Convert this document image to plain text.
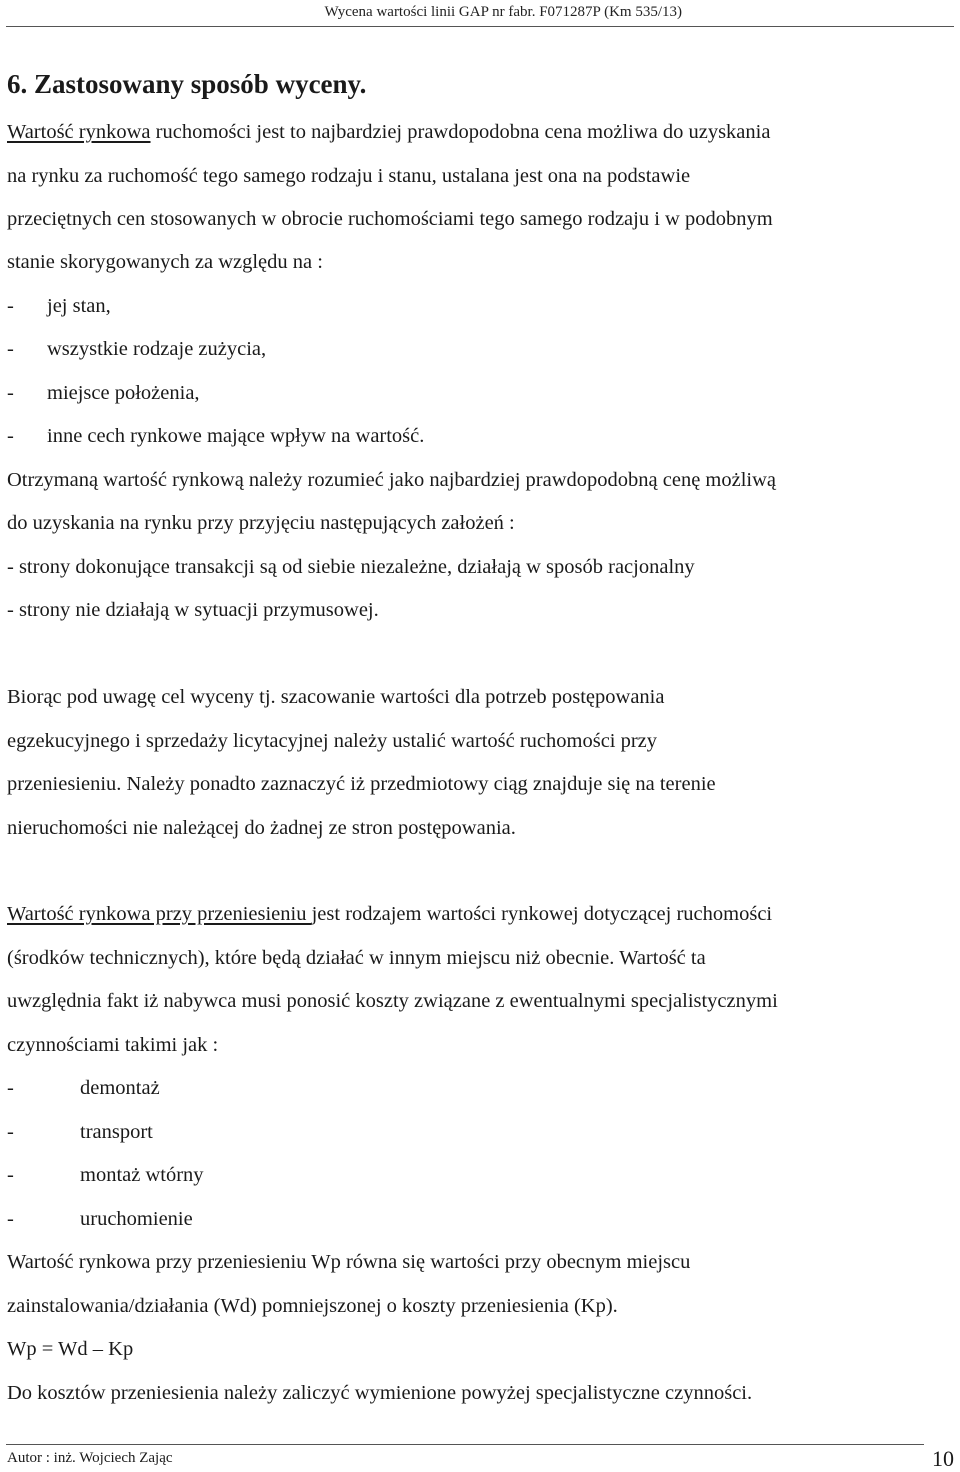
Wycena wartości linii GAP nr fabr. F071287P (Km 535/13)
6. Zastosowany sposób wyceny.
Wartość rynkowa ruchomości jest to najbardziej prawdopodobna cena możliwa do uzyskania
na rynku za ruchomość tego samego rodzaju i stanu, ustalana jest ona na podstawie
przeciętnych cen stosowanych w obrocie ruchomościami tego samego rodzaju i w podobnym
stanie skorygowanych za względu na :
- jej stan,
- wszystkie rodzaje zużycia,
- miejsce położenia,
- inne cech rynkowe mające wpływ na wartość.
Otrzymaną wartość rynkową należy rozumieć jako najbardziej prawdopodobną cenę możliwą
do uzyskania na rynku przy przyjęciu następujących założeń :
- strony dokonujące transakcji są od siebie niezależne, działają w sposób racjonalny
- strony nie działają w sytuacji przymusowej.
Biorąc pod uwagę cel wyceny tj. szacowanie wartości dla potrzeb postępowania
egzekucyjnego i sprzedaży licytacyjnej należy ustalić wartość ruchomości przy
przeniesieniu. Należy ponadto zaznaczyć iż przedmiotowy ciąg znajduje się na terenie
nieruchomości nie należącej do żadnej ze stron postępowania.
Wartość rynkowa przy przeniesieniu jest rodzajem wartości rynkowej dotyczącej ruchomości
(środków technicznych), które będą działać w innym miejscu niż obecnie. Wartość ta
uwzględnia fakt iż nabywca musi ponosić koszty związane z ewentualnymi specjalistycznymi
czynnościami takimi jak :
-	demontaż
-	transport
-	montaż wtórny
-	uruchomienie
Wartość rynkowa przy przeniesieniu Wp równa się wartości przy obecnym miejscu
zainstalowania/działania (Wd) pomniejszonej o koszty przeniesienia (Kp).
Wp = Wd – Kp
Do kosztów przeniesienia należy zaliczyć wymienione powyżej specjalistyczne czynności.
Autor : inż. Wojciech Zając	10
